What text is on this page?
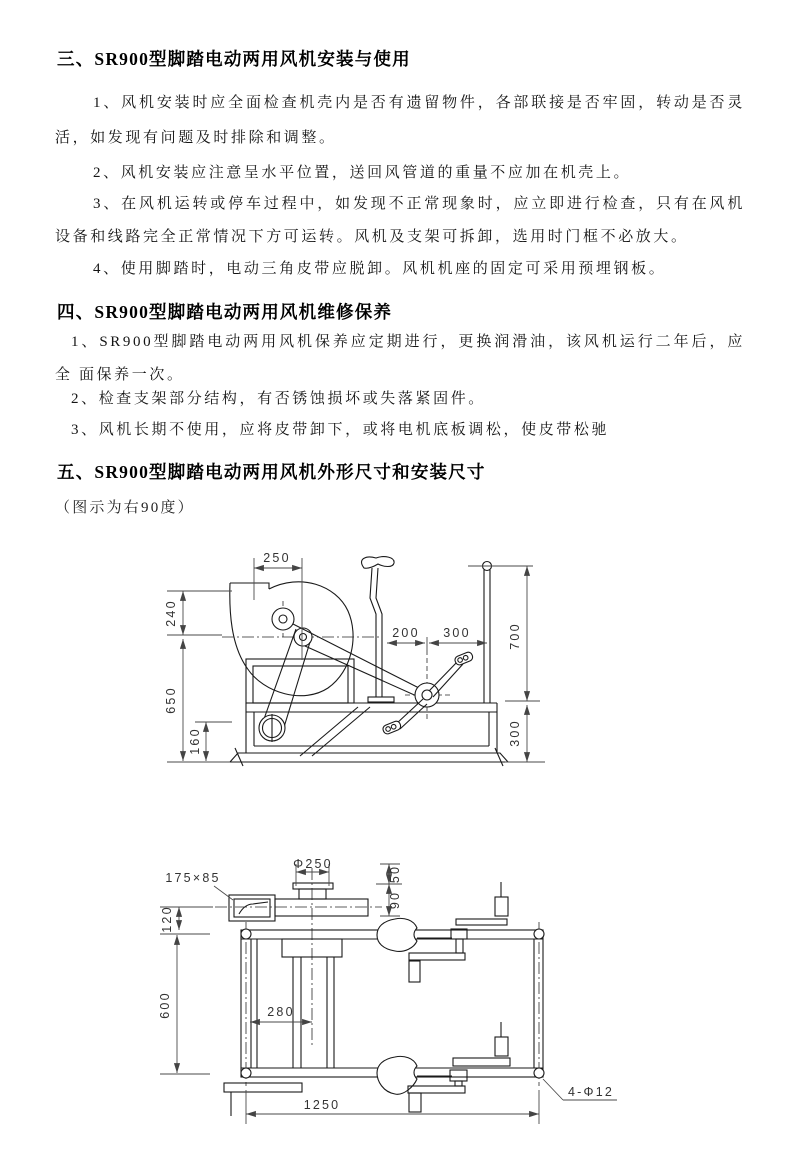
三、SR900型脚踏电动两用风机安装与使用
1、风机安装时应全面检查机壳内是否有遗留物件，各部联接是否牢固，转动是否灵活，如发现有问题及时排除和调整。
2、风机安装应注意呈水平位置，送回风管道的重量不应加在机壳上。
3、在风机运转或停车过程中，如发现不正常现象时，应立即进行检查，只有在风机设备和线路完全正常情况下方可运转。风机及支架可拆卸，选用时门框不必放大。
4、使用脚踏时，电动三角皮带应脱卸。风机机座的固定可采用预埋钢板。
四、SR900型脚踏电动两用风机维修保养
1、SR900型脚踏电动两用风机保养应定期进行，更换润滑油，该风机运行二年后，应全 面保养一次。
2、检查支架部分结构，有否锈蚀损坏或失落紧固件。
3、风机长期不使用，应将皮带卸下，或将电机底板调松，使皮带松驰
五、SR900型脚踏电动两用风机外形尺寸和安装尺寸
（图示为右90度）
250
240
650
160
200 300	700
300
175×85
Φ250
50
90
120
600	280
1250
4-Φ12
